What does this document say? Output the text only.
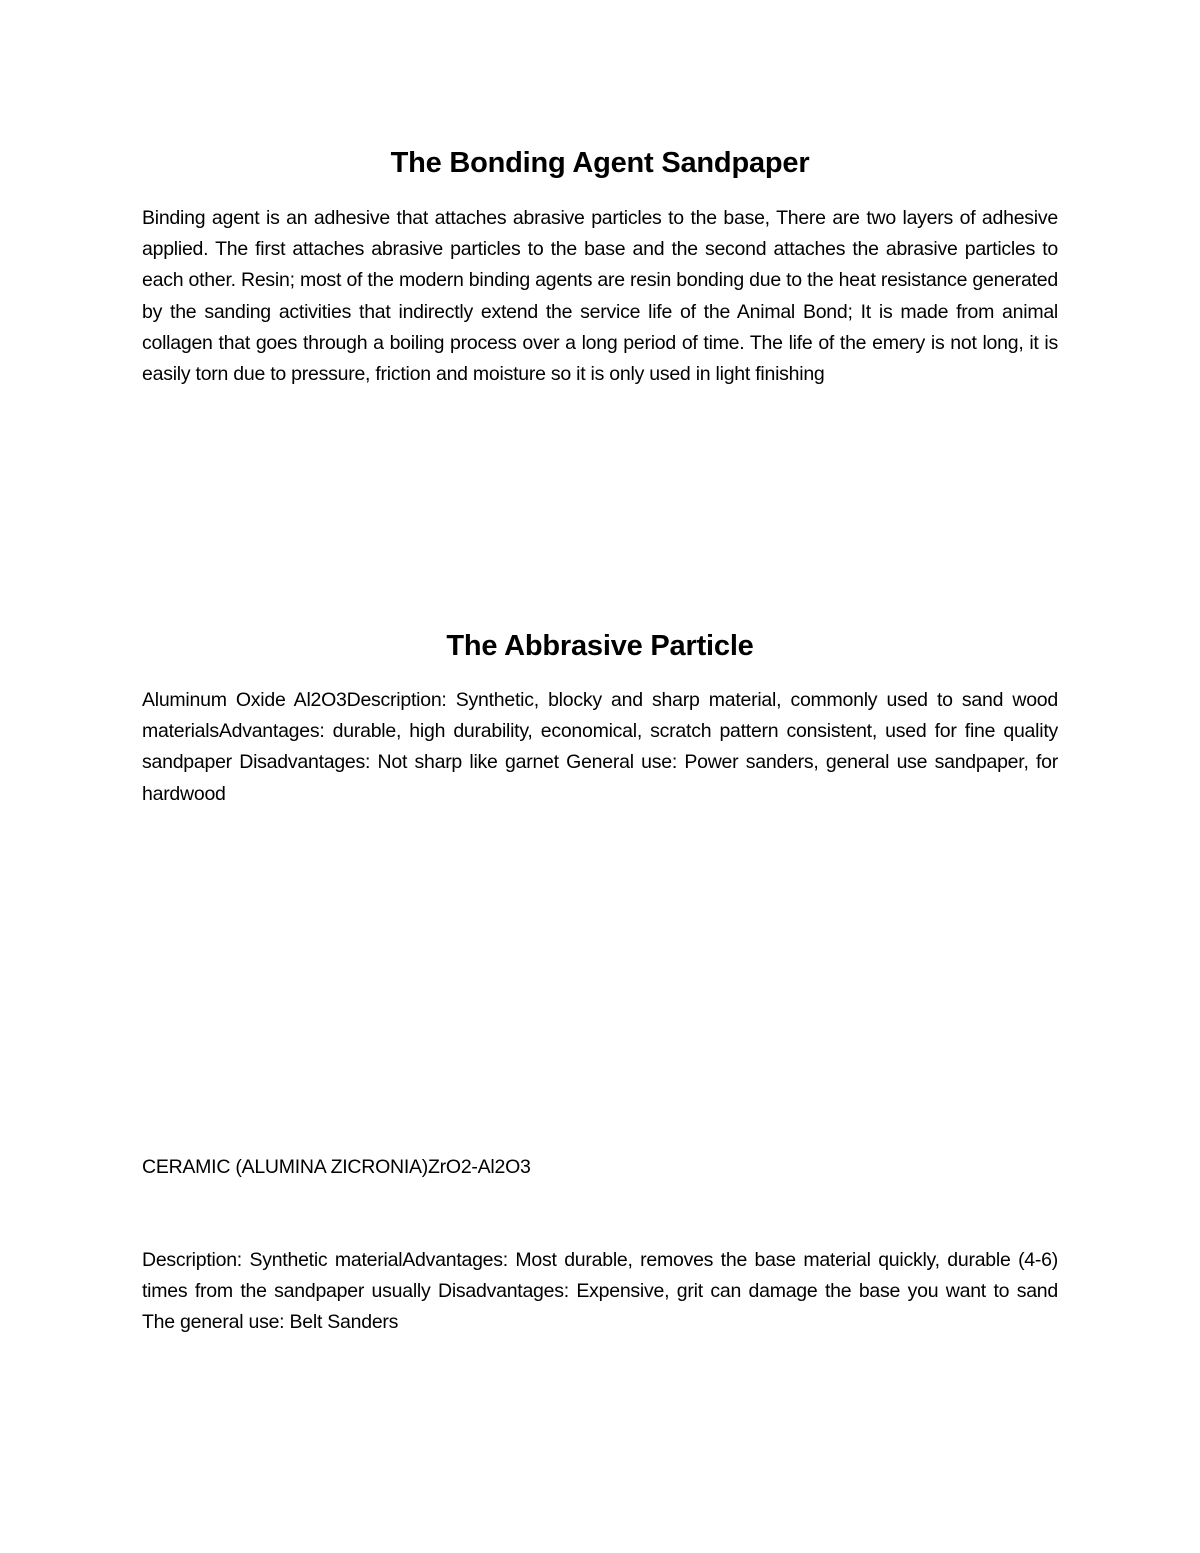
The Bonding Agent Sandpaper

Binding agent is an adhesive that attaches abrasive particles to the base, There are two layers of adhesive applied. The first attaches abrasive particles to the base and the second attaches the abrasive particles to each other. Resin; most of the modern binding agents are resin bonding due to the heat resistance generated by the sanding activities that indirectly extend the service life of the Animal Bond; It is made from animal collagen that goes through a boiling process over a long period of time. The life of the emery is not long, it is easily torn due to pressure, friction and moisture so it is only used in light finishing

The Abbrasive Particle

Aluminum Oxide Al2O3Description: Synthetic, blocky and sharp material, commonly used to sand wood materialsAdvantages: durable, high durability, economical, scratch pattern consistent, used for fine quality sandpaper Disadvantages: Not sharp like garnet General use: Power sanders, general use sandpaper, for hardwood

CERAMIC (ALUMINA ZICRONIA)ZrO2-Al2O3

Description: Synthetic materialAdvantages: Most durable, removes the base material quickly, durable (4-6) times from the sandpaper usually Disadvantages: Expensive, grit can damage the base you want to sand The general use: Belt Sanders
